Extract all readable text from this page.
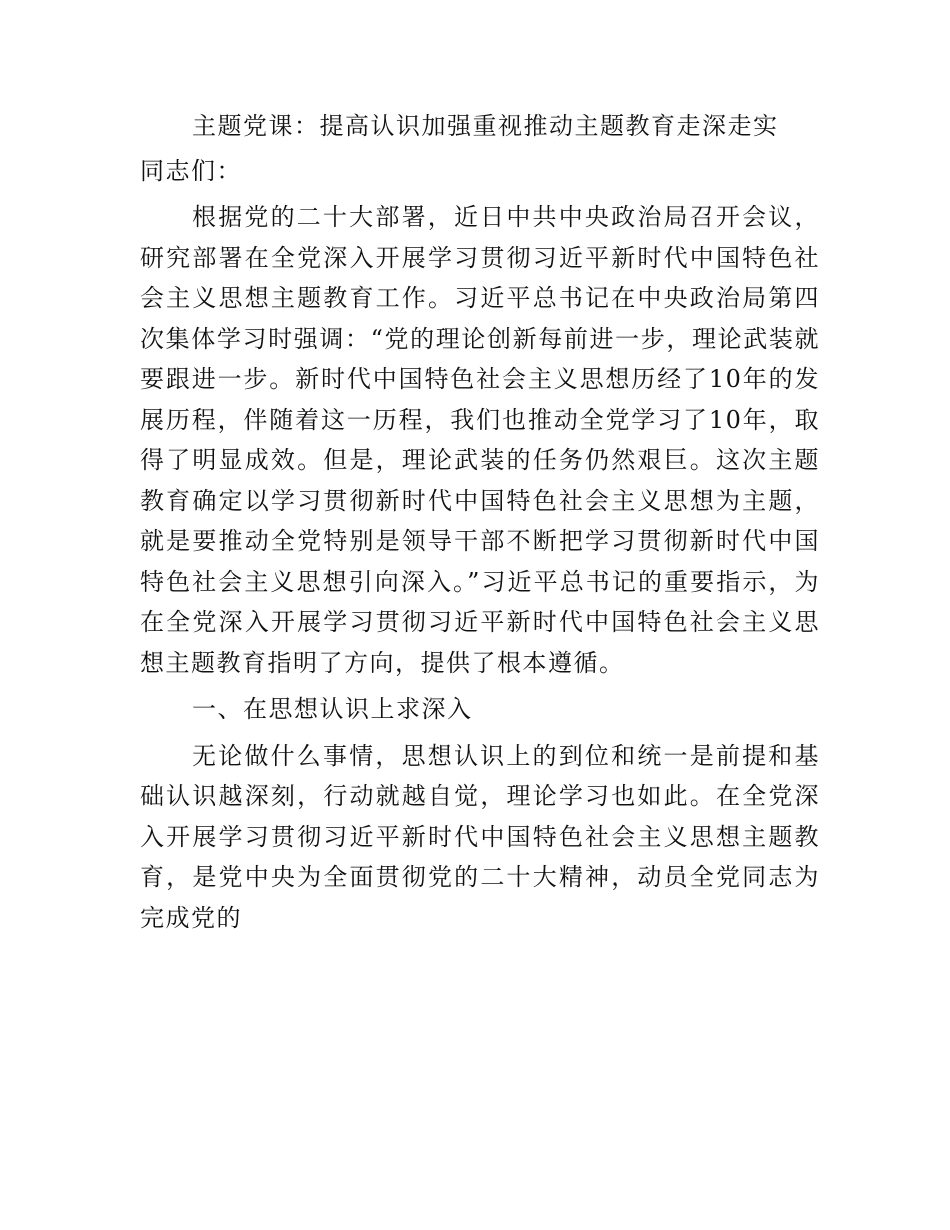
主题党课：提高认识加强重视推动主题教育走深走实
同志们：

根据党的二十大部署，近日中共中央政治局召开会议，研究部署在全党深入开展学习贯彻习近平新时代中国特色社会主义思想主题教育工作。习近平总书记在中央政治局第四次集体学习时强调：“党的理论创新每前进一步，理论武装就要跟进一步。新时代中国特色社会主义思想历经了10年的发展历程，伴随着这一历程，我们也推动全党学习了10年，取得了明显成效。但是，理论武装的任务仍然艰巨。这次主题教育确定以学习贯彻新时代中国特色社会主义思想为主题，就是要推动全党特别是领导干部不断把学习贯彻新时代中国特色社会主义思想引向深入。”习近平总书记的重要指示，为在全党深入开展学习贯彻习近平新时代中国特色社会主义思想主题教育指明了方向，提供了根本遵循。

一、在思想认识上求深入

无论做什么事情，思想认识上的到位和统一是前提和基础认识越深刻，行动就越自觉，理论学习也如此。在全党深入开展学习贯彻习近平新时代中国特色社会主义思想主题教育，是党中央为全面贯彻党的二十大精神，动员全党同志为完成党的
